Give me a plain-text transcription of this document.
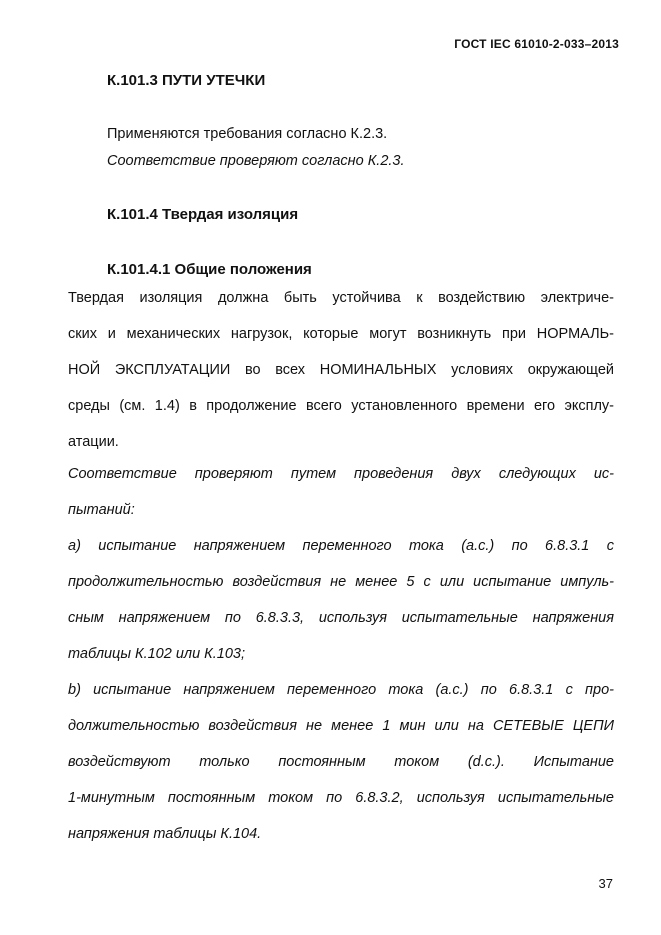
ГОСТ IEC 61010-2-033–2013
К.101.3 ПУТИ УТЕЧКИ
Применяются требования согласно К.2.3.
Соответствие проверяют согласно К.2.3.
К.101.4 Твердая изоляция
К.101.4.1 Общие положения
Твердая изоляция должна быть устойчива к воздействию электриче-
ских и механических нагрузок, которые могут возникнуть при НОРМАЛЬ-
НОЙ ЭКСПЛУАТАЦИИ во всех НОМИНАЛЬНЫХ условиях окружающей
среды (см. 1.4) в продолжение всего установленного времени его эксплу-
атации.
Соответствие проверяют путем проведения двух следующих ис-
пытаний:
а) испытание напряжением переменного тока (а.с.) по 6.8.3.1 с
продолжительностью воздействия не менее 5 с или испытание импуль-
сным напряжением по 6.8.3.3, используя испытательные напряжения
таблицы К.102 или К.103;
b) испытание напряжением переменного тока (а.с.) по 6.8.3.1 с про-
должительностью воздействия не менее 1 мин или на СЕТЕВЫЕ ЦЕПИ
воздействуют только постоянным током (d.c.). Испытание
1-минутным постоянным током по 6.8.3.2, используя испытательные
напряжения таблицы К.104.
37
